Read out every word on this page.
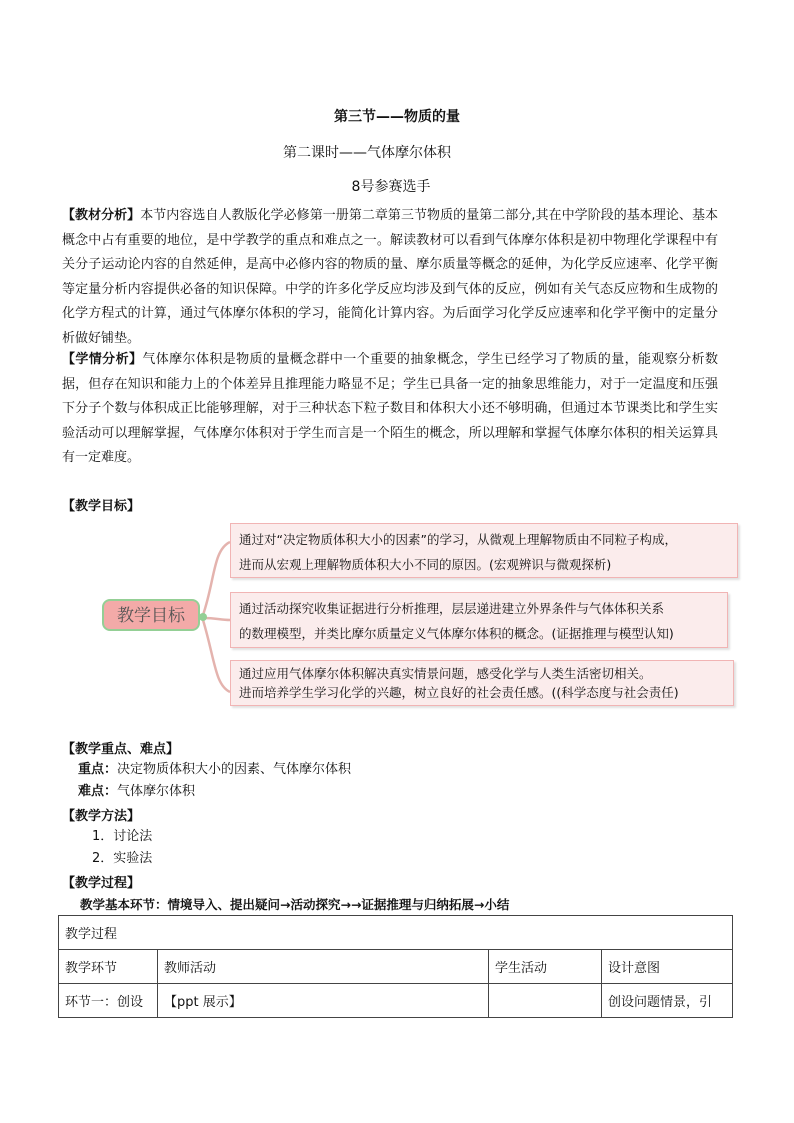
第三节——物质的量
第二课时——气体摩尔体积
8号参赛选手
【教材分析】本节内容选自人教版化学必修第一册第二章第三节物质的量第二部分,其在中学阶段的基本理论、基本概念中占有重要的地位，是中学教学的重点和难点之一。解读教材可以看到气体摩尔体积是初中物理化学课程中有关分子运动论内容的自然延伸，是高中必修内容的物质的量、摩尔质量等概念的延伸，为化学反应速率、化学平衡等定量分析内容提供必备的知识保障。中学的许多化学反应均涉及到气体的反应，例如有关气态反应物和生成物的化学方程式的计算，通过气体摩尔体积的学习，能简化计算内容。为后面学习化学反应速率和化学平衡中的定量分析做好铺垫。
【学情分析】气体摩尔体积是物质的量概念群中一个重要的抽象概念，学生已经学习了物质的量，能观察分析数据，但存在知识和能力上的个体差异且推理能力略显不足；学生已具备一定的抽象思维能力，对于一定温度和压强下分子个数与体积成正比能够理解，对于三种状态下粒子数目和体积大小还不够明确，但通过本节课类比和学生实验活动可以理解掌握，气体摩尔体积对于学生而言是一个陌生的概念，所以理解和掌握气体摩尔体积的相关运算具有一定难度。
【教学目标】
教学目标
通过对“决定物质体积大小的因素”的学习，从微观上理解物质由不同粒子构成，
进而从宏观上理解物质体积大小不同的原因。(宏观辨识与微观探析)
通过活动探究收集证据进行分析推理，层层递进建立外界条件与气体体积关系
的数理模型，并类比摩尔质量定义气体摩尔体积的概念。(证据推理与模型认知)
通过应用气体摩尔体积解决真实情景问题，感受化学与人类生活密切相关。
进而培养学生学习化学的兴趣，树立良好的社会责任感。((科学态度与社会责任)
【教学重点、难点】
重点：决定物质体积大小的因素、气体摩尔体积
难点：气体摩尔体积
【教学方法】
1．讨论法
2．实验法
【教学过程】
教学基本环节：情境导入、提出疑问→活动探究→→证据推理与归纳拓展→小结
教学过程			
教学环节	教师活动	学生活动	设计意图
环节一：创设	【ppt 展示】		创设问题情景，引
